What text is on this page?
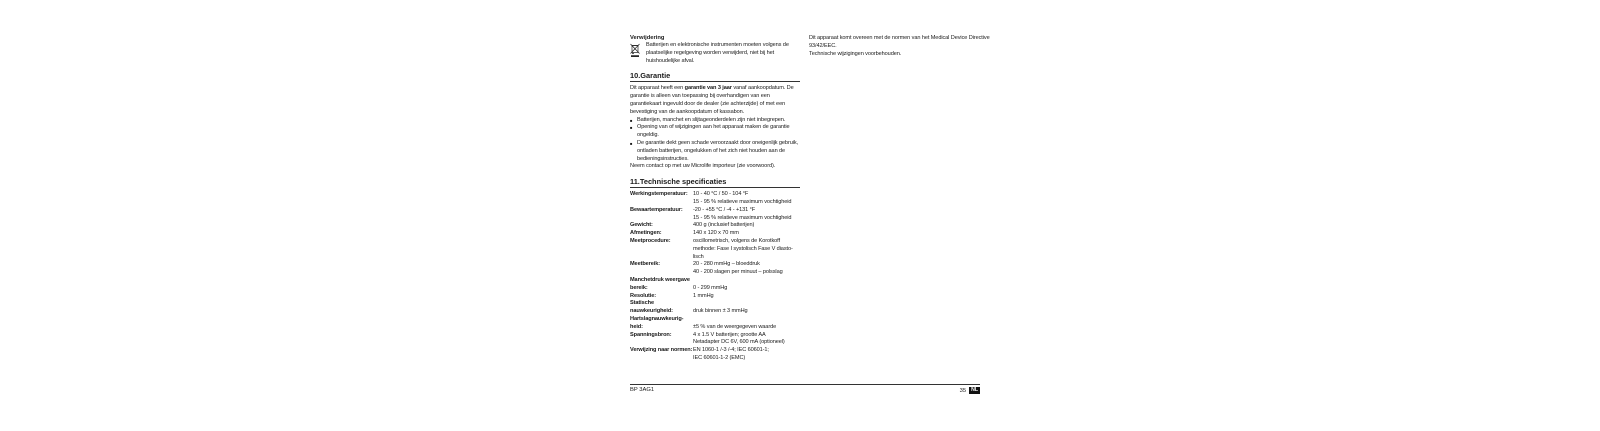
Verwijdering

Batterijen en elektronische instrumenten moeten volgens de plaatselijke regelgeving worden verwijderd, niet bij het huishoudelijke afval.
10.Garantie
Dit apparaat heeft een garantie van 3 jaar vanaf aankoopdatum. De garantie is alleen van toepassing bij overhandigen van een garantiekaart ingevuld door de dealer (zie achterzijde) of met een bevestiging van de aankoopdatum of kassabon.
■ Batterijen, manchet en slijtageonderdelen zijn niet inbegrepen.
■ Opening van of wijzigingen aan het apparaat maken de garantie ongeldig.
■ De garantie dekt geen schade veroorzaakt door oneigenlijk gebruik, ontladen batterijen, ongelukken of het zich niet houden aan de bedieningsinstructies.
Neem contact op met uw Microlife importeur (zie voorwoord).
11.Technische specificaties
Werkingstemperatuur: 10 - 40 °C / 50 - 104 °F
15 - 95 % relatieve maximum vochtigheid
Bewaartemperatuur:	-20 - +55 °C / -4 - +131 °F
15 - 95 % relatieve maximum vochtigheid
Gewicht:	400 g (inclusief batterijen)
Afmetingen:	140 x 120 x 70 mm
Meetprocedure:	oscillometrisch, volgens de Korotkoff methode: Fase I systolisch Fase V diasto-lisch
Meetbereik:	20 - 280 mmHg – bloeddruk
40 - 200 slagen per minuut – polsslag
Manchetdruk weergave bereik:	
0 - 299 mmHg
Resolutie:	1 mmHg
Statische nauwkeurigheid:	
druk binnen ± 3 mmHg
Hartslagnauwkeurig-heid:	
±5 % van de weergegeven waarde
Spanningsbron:	4 x 1.5 V batterijen; grootte AA
Netadapter DC 6V, 600 mA (optioneel)
Verwijzing naar normen: EN 1060-1 /-3 /-4; IEC 60601-1;
IEC 60601-1-2 (EMC)
Dit apparaat komt overeen met de normen van het Medical Device Directive 93/42/EEC.
Technische wijzigingen voorbehouden.
BP 3AG1	35 NL
